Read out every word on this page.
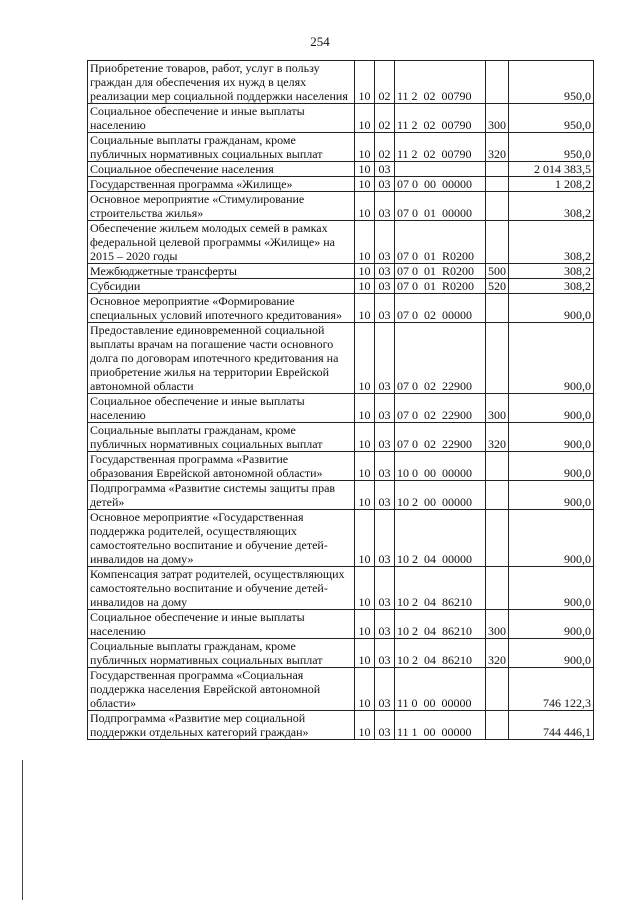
254
Приобретение товаров, работ, услуг в пользу граждан для обеспечения их нужд в целях реализации мер социальной поддержки населения	10	02	11 2  02  00790		950,0
Социальное обеспечение и иные выплаты населению	10	02	11 2  02  00790	300	950,0
Социальные выплаты гражданам, кроме публичных нормативных социальных выплат	10	02	11 2  02  00790	320	950,0
Социальное обеспечение населения	10	03			2 014 383,5
Государственная программа «Жилище»	10	03	07 0  00  00000		1 208,2
Основное мероприятие «Стимулирование строительства жилья»	10	03	07 0  01  00000		308,2
Обеспечение жильем молодых семей в рамках федеральной целевой программы «Жилище» на 2015 – 2020 годы	10	03	07 0  01  R0200		308,2
Межбюджетные трансферты	10	03	07 0  01  R0200	500	308,2
Субсидии	10	03	07 0  01  R0200	520	308,2
Основное мероприятие «Формирование специальных условий ипотечного кредитования»	10	03	07 0  02  00000		900,0
Предоставление единовременной социальной выплаты врачам на погашение части основного долга по договорам ипотечного кредитования на приобретение жилья на территории Еврейской автономной области	10	03	07 0  02  22900		900,0
Социальное обеспечение и иные выплаты населению	10	03	07 0  02  22900	300	900,0
Социальные выплаты гражданам, кроме публичных нормативных социальных выплат	10	03	07 0  02  22900	320	900,0
Государственная программа «Развитие образования Еврейской автономной области»	10	03	10 0  00  00000		900,0
Подпрограмма «Развитие системы защиты прав детей»	10	03	10 2  00  00000		900,0
Основное мероприятие «Государственная поддержка родителей, осуществляющих самостоятельно воспитание и обучение детей-инвалидов на дому»	10	03	10 2  04  00000		900,0
Компенсация затрат родителей, осуществляющих самостоятельно воспитание и обучение детей-инвалидов на дому	10	03	10 2  04  86210		900,0
Социальное обеспечение и иные выплаты населению	10	03	10 2  04  86210	300	900,0
Социальные выплаты гражданам, кроме публичных нормативных социальных выплат	10	03	10 2  04  86210	320	900,0
Государственная программа «Социальная поддержка населения Еврейской автономной области»	10	03	11 0  00  00000		746 122,3
Подпрограмма «Развитие мер социальной поддержки отдельных категорий граждан»	10	03	11 1  00  00000		744 446,1
